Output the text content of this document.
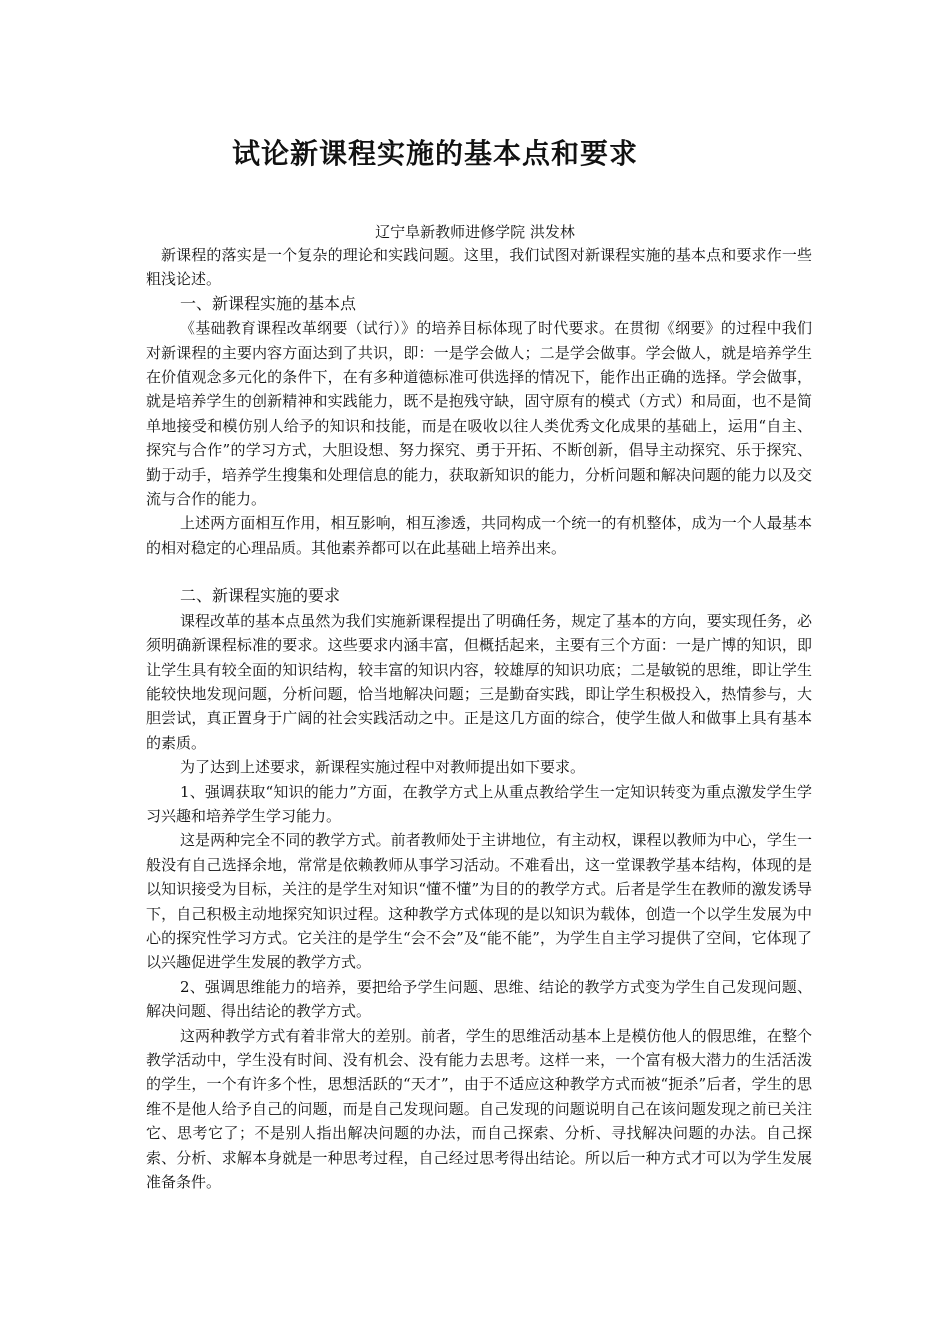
试论新课程实施的基本点和要求

辽宁阜新教师进修学院 洪发林

新课程的落实是一个复杂的理论和实践问题。这里，我们试图对新课程实施的基本点和要求作一些粗浅论述。

一、新课程实施的基本点

《基础教育课程改革纲要（试行）》的培养目标体现了时代要求。在贯彻《纲要》的过程中我们对新课程的主要内容方面达到了共识，即：一是学会做人；二是学会做事。学会做人，就是培养学生在价值观念多元化的条件下，在有多种道德标准可供选择的情况下，能作出正确的选择。学会做事，就是培养学生的创新精神和实践能力，既不是抱残守缺，固守原有的模式（方式）和局面，也不是简单地接受和模仿别人给予的知识和技能，而是在吸收以往人类优秀文化成果的基础上，运用“自主、探究与合作”的学习方式，大胆设想、努力探究、勇于开拓、不断创新，倡导主动探究、乐于探究、勤于动手，培养学生搜集和处理信息的能力，获取新知识的能力，分析问题和解决问题的能力以及交流与合作的能力。

上述两方面相互作用，相互影响，相互渗透，共同构成一个统一的有机整体，成为一个人最基本的相对稳定的心理品质。其他素养都可以在此基础上培养出来。

二、新课程实施的要求

课程改革的基本点虽然为我们实施新课程提出了明确任务，规定了基本的方向，要实现任务，必须明确新课程标准的要求。这些要求内涵丰富，但概括起来，主要有三个方面：一是广博的知识，即让学生具有较全面的知识结构，较丰富的知识内容，较雄厚的知识功底；二是敏锐的思维，即让学生能较快地发现问题，分析问题，恰当地解决问题；三是勤奋实践，即让学生积极投入，热情参与，大胆尝试，真正置身于广阔的社会实践活动之中。正是这几方面的综合，使学生做人和做事上具有基本的素质。

为了达到上述要求，新课程实施过程中对教师提出如下要求。

1、强调获取“知识的能力”方面，在教学方式上从重点教给学生一定知识转变为重点激发学生学习兴趣和培养学生学习能力。

这是两种完全不同的教学方式。前者教师处于主讲地位，有主动权，课程以教师为中心，学生一般没有自己选择余地，常常是依赖教师从事学习活动。不难看出，这一堂课教学基本结构，体现的是以知识接受为目标，关注的是学生对知识“懂不懂”为目的的教学方式。后者是学生在教师的激发诱导下，自己积极主动地探究知识过程。这种教学方式体现的是以知识为载体，创造一个以学生发展为中心的探究性学习方式。它关注的是学生“会不会”及“能不能”，为学生自主学习提供了空间，它体现了以兴趣促进学生发展的教学方式。

2、强调思维能力的培养，要把给予学生问题、思维、结论的教学方式变为学生自己发现问题、解决问题、得出结论的教学方式。

这两种教学方式有着非常大的差别。前者，学生的思维活动基本上是模仿他人的假思维，在整个教学活动中，学生没有时间、没有机会、没有能力去思考。这样一来，一个富有极大潜力的生活活泼的学生，一个有许多个性，思想活跃的“天才”，由于不适应这种教学方式而被“扼杀”后者，学生的思维不是他人给予自己的问题，而是自己发现问题。自己发现的问题说明自己在该问题发现之前已关注它、思考它了；不是别人指出解决问题的办法，而自己探索、分析、寻找解决问题的办法。自己探索、分析、求解本身就是一种思考过程，自己经过思考得出结论。所以后一种方式才可以为学生发展准备条件。
